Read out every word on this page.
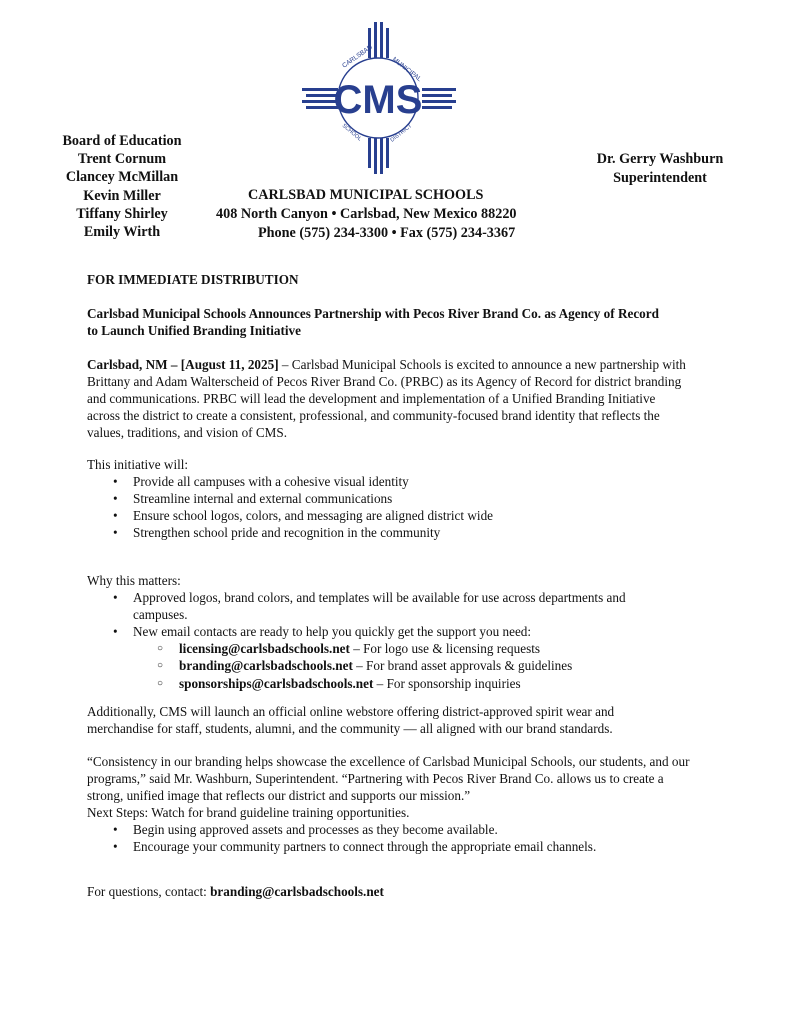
CMS
CARLSBAD	MUNICIPAL
SCHOOL	DISTRICT
Board of Education
Trent Cornum
Clancey McMillan
Kevin Miller
Tiffany Shirley
Emily Wirth
Dr. Gerry Washburn
Superintendent
CARLSBAD MUNICIPAL SCHOOLS
408 North Canyon • Carlsbad, New Mexico 88220
Phone (575) 234-3300 • Fax (575) 234-3367
FOR IMMEDIATE DISTRIBUTION
Carlsbad Municipal Schools Announces Partnership with Pecos River Brand Co. as Agency of Record to Launch Unified Branding Initiative

Carlsbad, NM – [August 11, 2025] – Carlsbad Municipal Schools is excited to announce a new partnership with Brittany and Adam Walterscheid of Pecos River Brand Co. (PRBC) as its Agency of Record for district branding and communications. PRBC will lead the development and implementation of a Unified Branding Initiative across the district to create a consistent, professional, and community-focused brand identity that reflects the values, traditions, and vision of CMS.

This initiative will:
• Provide all campuses with a cohesive visual identity
• Streamline internal and external communications
• Ensure school logos, colors, and messaging are aligned district wide
• Strengthen school pride and recognition in the community
Why this matters:
• Approved logos, brand colors, and templates will be available for use across departments and campuses.
• New email contacts are ready to help you quickly get the support you need:
○ licensing@carlsbadschools.net – For logo use & licensing requests
○ branding@carlsbadschools.net – For brand asset approvals & guidelines
○ sponsorships@carlsbadschools.net – For sponsorship inquiries

Additionally, CMS will launch an official online webstore offering district-approved spirit wear and merchandise for staff, students, alumni, and the community — all aligned with our brand standards.

“Consistency in our branding helps showcase the excellence of Carlsbad Municipal Schools, our students, and our programs,” said Mr. Washburn, Superintendent. “Partnering with Pecos River Brand Co. allows us to create a strong, unified image that reflects our district and supports our mission.”

Next Steps: Watch for brand guideline training opportunities.
• Begin using approved assets and processes as they become available.
• Encourage your community partners to connect through the appropriate email channels.

For questions, contact: branding@carlsbadschools.net
